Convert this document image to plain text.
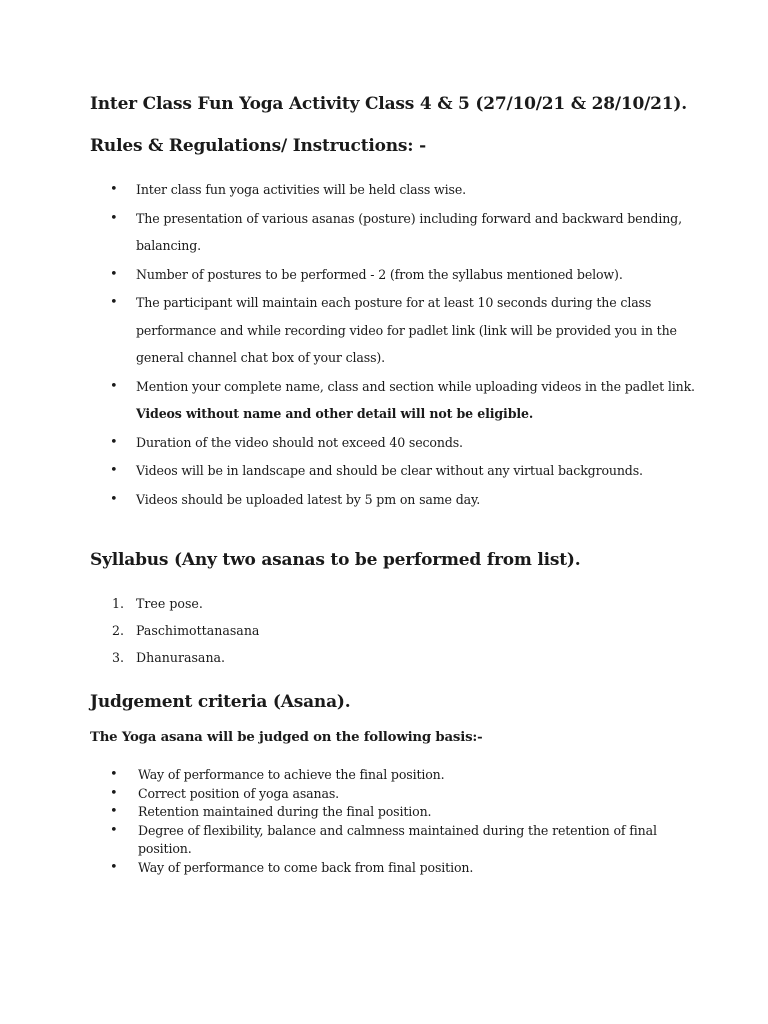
Inter Class Fun Yoga Activity Class 4 & 5 (27/10/21 & 28/10/21).
Rules & Regulations/ Instructions: -
• Inter class fun yoga activities will be held class wise.
• The presentation of various asanas (posture) including forward and backward bending, balancing.
• Number of postures to be performed - 2 (from the syllabus mentioned below).
• The participant will maintain each posture for at least 10 seconds during the class performance and while recording video for padlet link (link will be provided you in the general channel chat box of your class).
• Mention your complete name, class and section while uploading videos in the padlet link. Videos without name and other detail will not be eligible.
• Duration of the video should not exceed 40 seconds.
• Videos will be in landscape and should be clear without any virtual backgrounds.
• Videos should be uploaded latest by 5 pm on same day.
Syllabus (Any two asanas to be performed from list).
1. Tree pose.
2. Paschimottanasana
3. Dhanurasana.
Judgement criteria (Asana).

The Yoga asana will be judged on the following basis:-

• Way of performance to achieve the final position.
• Correct position of yoga asanas.
• Retention maintained during the final position.
• Degree of flexibility, balance and calmness maintained during the retention of final position.
• Way of performance to come back from final position.
